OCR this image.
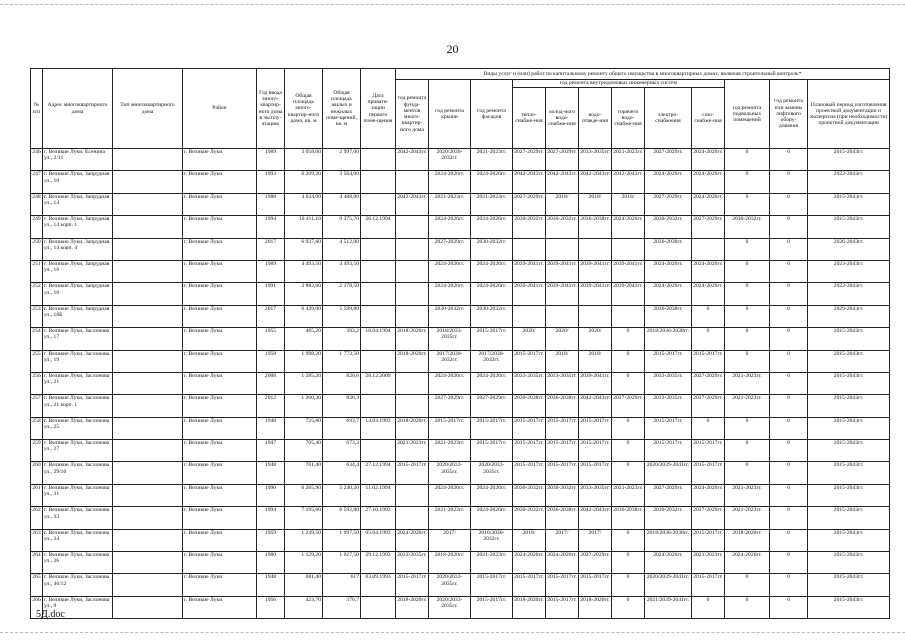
20
№ п/п	Адрес многоквартирного дома	Тип многоквартирного дома	Район	Год ввода много-квартир-ного дома в эксплу-атацию	Общая площадь много-квартир-ного дома, кв. м	Общая площадь жилых и нежилых поме-щений, кв. м	Дата привати-зации первого поме-щения	Виды услуг и (или) работ по капитальному ремонту общего имущества в многоквартирных домах, включая строительный контроль*											
								год ремонта фунда-ментов много-квартир-ного дома	год ремонта крыши	год ремонта фасадов	год ремонта внутридомовых инженерных систем						год ремонта подвальных помещений	год ремонта или замены лифтового обору-дования	Плановый период изготовления проектной документации и экспертиза (при необходимости) проектной документации
											тепло-снабже-ния	холод-ного водо-снабже-ния	водо-отведе-ния	горячего водо-снабже-ния	электро-снабжения	газо-снабже-ния			
246	г. Великие Луки, Есенина ул., 2/11		г. Великие Луки	1989	3 058,00	2 997,00		2042-2043гг.	2020/2030-2032гг.	2021-2023гг.	2027-2029гг.	2027-2029гг.	2033-2035гг.	2021-2023гг.	2027-2029гг.	2024-2026гг.	0	0	2015-2043гг.
247	г. Великие Луки, Запрудная ул., 10		г. Великие Луки	1993	6 209,20	3 564,00			2024-2026гг.	2024-2026гг.	2042-2043гг.	2042-2043гг.	2042-2043гг.	2042-2043гг.	2024-2026гг.	2024-2026гг.	0	0	2023-2043гг.
248	г. Великие Луки, Запрудная ул., 14		г. Великие Луки	1988	4 634,00	4 488,00		2042-2043гг.	2021-2023гг.	2021-2023гг.	2027-2029гг.	2018/	2018/	2018/	2027-2029гг.	2024-2026гг.	0	0	2015-2043гг.
249	г. Великие Луки, Запрудная ул., 14 корп. 1		г. Великие Луки	1994	10 411,10	9 375,70	26.12.1994		2024-2026гг.	2024-2026гг.	2030-2032гг.	2030-2032гг.	2036-2038гг.	2024-2026гг.	2030-2032гг.	2027-2029гг.	2030-2032гг.	0	2015-2043гг.
250	г. Великие Луки, Запрудная ул., 14 корп. 4		г. Великие Луки	2017	6 937,60	4 512,00			2027-2029гг.	2030-2032гг.					2036-2038гг.		0	0	2026-2043гг.
251	г. Великие Луки, Запрудная ул., 16		г. Великие Луки	1989	4 493,50	4 493,50			2024-2026гг.	2024-2026гг.	2039-2041гг.	2039-2041гг.	2039-2041гг.	2039-2041гг.	2024-2026гг.	2024-2026гг.	0	0	2023-2043гг.
252	г. Великие Луки, Запрудная ул., 18		г. Великие Луки	1991	3 882,60	2 178,50			2024-2026гг.	2024-2026гг.	2039-2041гг.	2039-2041гг.	2039-2041гг.	2039-2041гг.	2024-2026гг.	2024-2026гг.	0	0	2023-2043гг.
253	г. Великие Луки, Запрудная ул., 18Б		г. Великие Луки	2017	6 439,00	5 599,80			2030-2032гг.	2030-2032гг.					2036-2038гг.	0	0	0	2029-2043гг.
254	г. Великие Луки, Заслонова ул., 17		г. Великие Луки	1955	465,20	393,2	16.04.1994	2018-2020гг.	2018/2033-2035гг.	2015-2017гг.	2020/	2020/	2020/	0	2018/2036-2038гг.	0	0	0	2015-2043гг.
255	г. Великие Луки, Заслонова ул., 19		г. Великие Луки	1958	1 998,20	1 773,50		2018-2020гг.	2017/2030-2032гг.	2017/2030-2032гг.	2015-2017гг.	2018/	2018/	0	2015-2017гг.	2015-2017гг.	0	0	2015-2043гг.
256	г. Великие Луки, Заслонова ул., 21		г. Великие Луки	2008	1 285,20	820,6	28.12.2009		2024-2026гг.	2024-2026гг.	2033-2035гг.	2033-2035гг.	2039-2041гг.	0	2033-2035гг.	2027-2029гг.	2021-2023гг.	0	2015-2043гг.
257	г. Великие Луки, Заслонова ул., 21 корп. 1		г. Великие Луки	2012	1 260,30	826,3			2027-2029гг.	2027-2029гг.	2036-2038гг.	2036-2038гг.	2042-2043гг.	2027-2029гг.	2033-2035гг.	2027-2029гг.	2021-2023гг.	0	2015-2043гг.
258	г. Великие Луки, Заслонова ул., 25		г. Великие Луки	1948	725,80	693,7	14.03.1993	2018-2020гг.	2015-2017гг.	2015-2017гг.	2015-2017гг.	2015-2017гг.	2015-2017гг.	0	2015-2017гг.	0	0	0	2015-2043гг.
259	г. Великие Луки, Заслонова ул., 27		г. Великие Луки	1947	705,40	673,3		2021-2023гг.	2021-2023гг.	2015-2017гг.	2015-2017гг.	2015-2017гг.	2015-2017гг.	0	2015-2017гг.	2015-2017гг.	0	0	2015-2043гг.
260	г. Великие Луки, Заслонова ул., 29/10		г. Великие Луки	1948	701,40	634,4	27.12.1994	2015-2017гг.	2020/2033-2035гг.	2020/2033-2035гг.	2015-2017гг.	2015-2017гг.	2015-2017гг.	0	2020/2039-2041гг.	2015-2017гг.	0	0	2015-2043гг.
261	г. Великие Луки, Заслонова ул., 31		г. Великие Луки	1990	6 265,90	5 240,20	11.02.1994		2024-2026гг.	2024-2026гг.	2030-2032гг.	2030-2032гг.	2033-2035гг.	2021-2023гг.	2027-2029гг.	2024-2026гг.	2021-2023гг.	0	2015-2043гг.
262	г. Великие Луки, Заслонова ул., 33		г. Великие Луки	1994	7 195,60	6 592,80	27.10.1993		2021-2023гг.	2024-2026гг.	2030-2032гг.	2036-2038гг.	2042-2043гг.	2036-2038гг.	2030-2032гг.	2027-2029гг.	2021-2023гг.	0	2015-2043гг.
263	г. Великие Луки, Заслонова ул., 34		г. Великие Луки	1959	1 249,50	1 097,50	05.04.1993	2024-2026гг.	2017/	2016/2030-2032гг.	2018/	2017/	2017/	0	2018/2036-2038гг.	2015-2017гг.	2018-2020гг.	0	2015-2043гг.
264	г. Великие Луки, Заслонова ул., 36		г. Великие Луки	1980	1 129,20	1 027,50	29.12.1993	2033-2035гг.	2018-2020гг.	2021-2023гг.	2024-2026гг.	2024-2026гг.	2027-2029гг.	0	2024-2026гг.	2021-2023гг.	2024-2026гг.	0	2015-2043гг.
265	г. Великие Луки, Заслонова ул., 46/12		г. Великие Луки	1948	681,40	617	03.09.1993	2015-2017гг.	2020/2033-2035гг.	2015-2017гг.	2015-2017гг.	2015-2017гг.	2015-2017гг.	0	2020/2039-2041гг.	2015-2017гг.	0	0	2015-2043гг.
266	г. Великие Луки, Заслонова ул., 9		г. Великие Луки	1956	423,70	376,7		2018-2020гг.	2020/2033-2035гг.	2015-2017гг.	2018-2020гг.	2015-2017гг.	2018-2020гг.	0	2021/2039-2041гг.	0	0	0	2015-2043гг.
5Д.doc
